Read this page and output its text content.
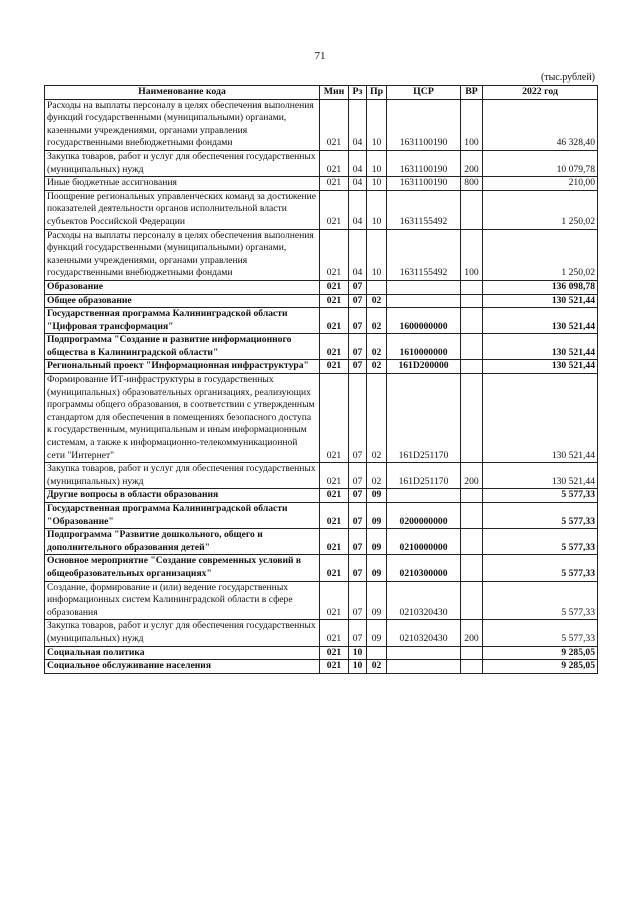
71
(тыс.рублей)
Наименование кода	Мин	Рз	Пр	ЦСР	ВР	2022 год
Расходы на выплаты персоналу в целях обеспечения выполнения функций государственными (муниципальными) органами, казенными учреждениями, органами управления государственными внебюджетными фондами	021	04	10	1631100190	100	46 328,40
Закупка товаров, работ и услуг для обеспечения государственных (муниципальных) нужд	021	04	10	1631100190	200	10 079,78
Иные бюджетные ассигнования	021	04	10	1631100190	800	210,00
Поощрение региональных управленческих команд за достижение показателей деятельности органов исполнительной власти субъектов Российской Федерации	021	04	10	1631155492		1 250,02
Расходы на выплаты персоналу в целях обеспечения выполнения функций государственными (муниципальными) органами, казенными учреждениями, органами управления государственными внебюджетными фондами	021	04	10	1631155492	100	1 250,02
Образование	021	07				136 098,78
Общее образование	021	07	02			130 521,44
Государственная программа Калининградской области "Цифровая трансформация"	021	07	02	1600000000		130 521,44
Подпрограмма "Создание и развитие информационного общества в Калининградской области"	021	07	02	1610000000		130 521,44
Региональный проект "Информационная инфраструктура"	021	07	02	161D200000		130 521,44
Формирование ИТ-инфраструктуры в государственных (муниципальных) образовательных организациях, реализующих программы общего образования, в соответствии с утвержденным стандартом для обеспечения в помещениях безопасного доступа к государственным, муниципальным и иным информационным системам, а также к информационно-телекоммуникационной сети "Интернет"	021	07	02	161D251170		130 521,44
Закупка товаров, работ и услуг для обеспечения государственных (муниципальных) нужд	021	07	02	161D251170	200	130 521,44
Другие вопросы в области образования	021	07	09			5 577,33
Государственная программа Калининградской области "Образование"	021	07	09	0200000000		5 577,33
Подпрограмма "Развитие дошкольного, общего и дополнительного образования детей"	021	07	09	0210000000		5 577,33
Основное мероприятие "Создание современных условий в общеобразовательных организациях"	021	07	09	0210300000		5 577,33
Создание, формирование и (или) ведение государственных информационных систем Калининградской области в сфере образования	021	07	09	0210320430		5 577,33
Закупка товаров, работ и услуг для обеспечения государственных (муниципальных) нужд	021	07	09	0210320430	200	5 577,33
Социальная политика	021	10				9 285,05
Социальное обслуживание населения	021	10	02			9 285,05
